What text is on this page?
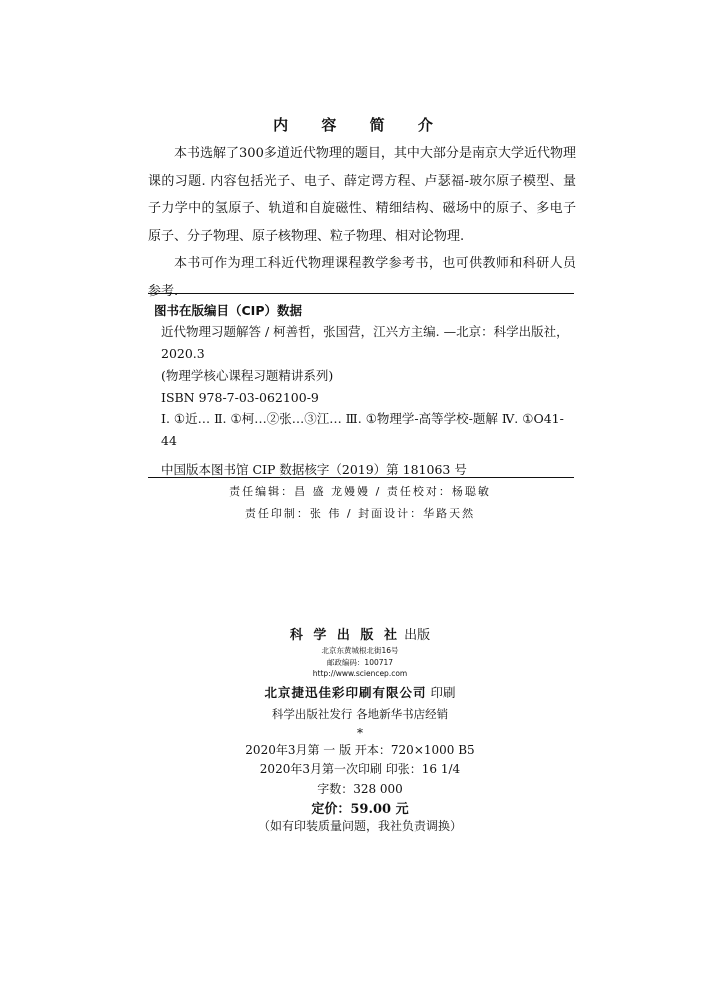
内 容 简 介

本书选解了300多道近代物理的题目，其中大部分是南京大学近代物理课的习题. 内容包括光子、电子、薛定谔方程、卢瑟福-玻尔原子模型、量子力学中的氢原子、轨道和自旋磁性、精细结构、磁场中的原子、多电子原子、分子物理、原子核物理、粒子物理、相对论物理.

本书可作为理工科近代物理课程教学参考书，也可供教师和科研人员参考.

图书在版编目（CIP）数据

近代物理习题解答 / 柯善哲，张国营，江兴方主编. —北京：科学出版社，2020.3

(物理学核心课程习题精讲系列)

ISBN 978-7-03-062100-9

Ⅰ. ①近… Ⅱ. ①柯…②张…③江… Ⅲ. ①物理学-高等学校-题解 Ⅳ. ①O41-44

中国版本图书馆 CIP 数据核字（2019）第 181063 号
责任编辑：昌 盛 龙嫚嫚 / 责任校对：杨聪敏
责任印制：张 伟 / 封面设计：华路天然
科 学 出 版 社 出版
北京东黄城根北街16号
邮政编码：100717
http://www.sciencep.com
北京捷迅佳彩印刷有限公司 印刷
科学出版社发行 各地新华书店经销
*
2020年3月第 一 版 开本：720×1000 B5
2020年3月第一次印刷 印张：16 1/4
字数：328 000
定价：59.00 元
（如有印装质量问题，我社负责调换）
